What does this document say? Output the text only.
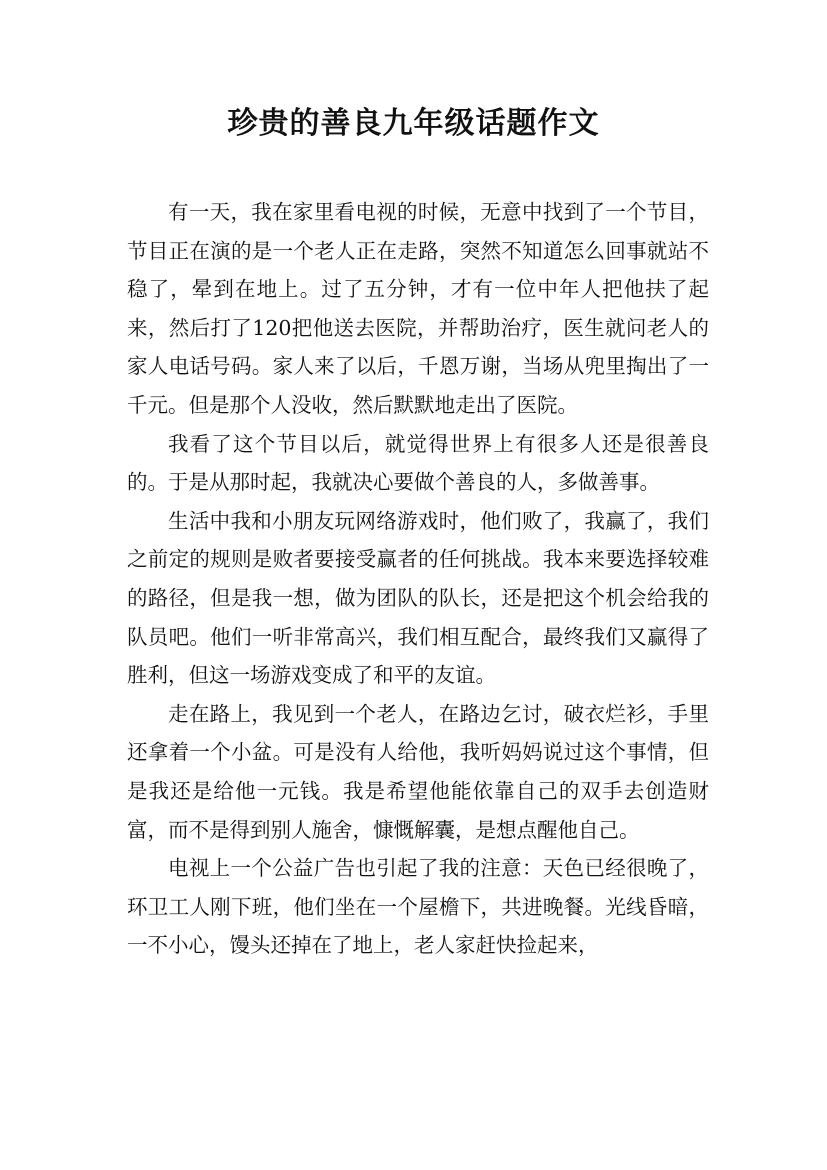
珍贵的善良九年级话题作文

有一天，我在家里看电视的时候，无意中找到了一个节目，节目正在演的是一个老人正在走路，突然不知道怎么回事就站不稳了，晕到在地上。过了五分钟，才有一位中年人把他扶了起来，然后打了120把他送去医院，并帮助治疗，医生就问老人的家人电话号码。家人来了以后，千恩万谢，当场从兜里掏出了一千元。但是那个人没收，然后默默地走出了医院。

我看了这个节目以后，就觉得世界上有很多人还是很善良的。于是从那时起，我就决心要做个善良的人，多做善事。

生活中我和小朋友玩网络游戏时，他们败了，我赢了，我们之前定的规则是败者要接受赢者的任何挑战。我本来要选择较难的路径，但是我一想，做为团队的队长，还是把这个机会给我的队员吧。他们一听非常高兴，我们相互配合，最终我们又赢得了胜利，但这一场游戏变成了和平的友谊。

走在路上，我见到一个老人，在路边乞讨，破衣烂衫，手里还拿着一个小盆。可是没有人给他，我听妈妈说过这个事情，但是我还是给他一元钱。我是希望他能依靠自己的双手去创造财富，而不是得到别人施舍，慷慨解囊，是想点醒他自己。

电视上一个公益广告也引起了我的注意：天色已经很晚了，环卫工人刚下班，他们坐在一个屋檐下，共进晚餐。光线昏暗，一不小心，馒头还掉在了地上，老人家赶快捡起来，
